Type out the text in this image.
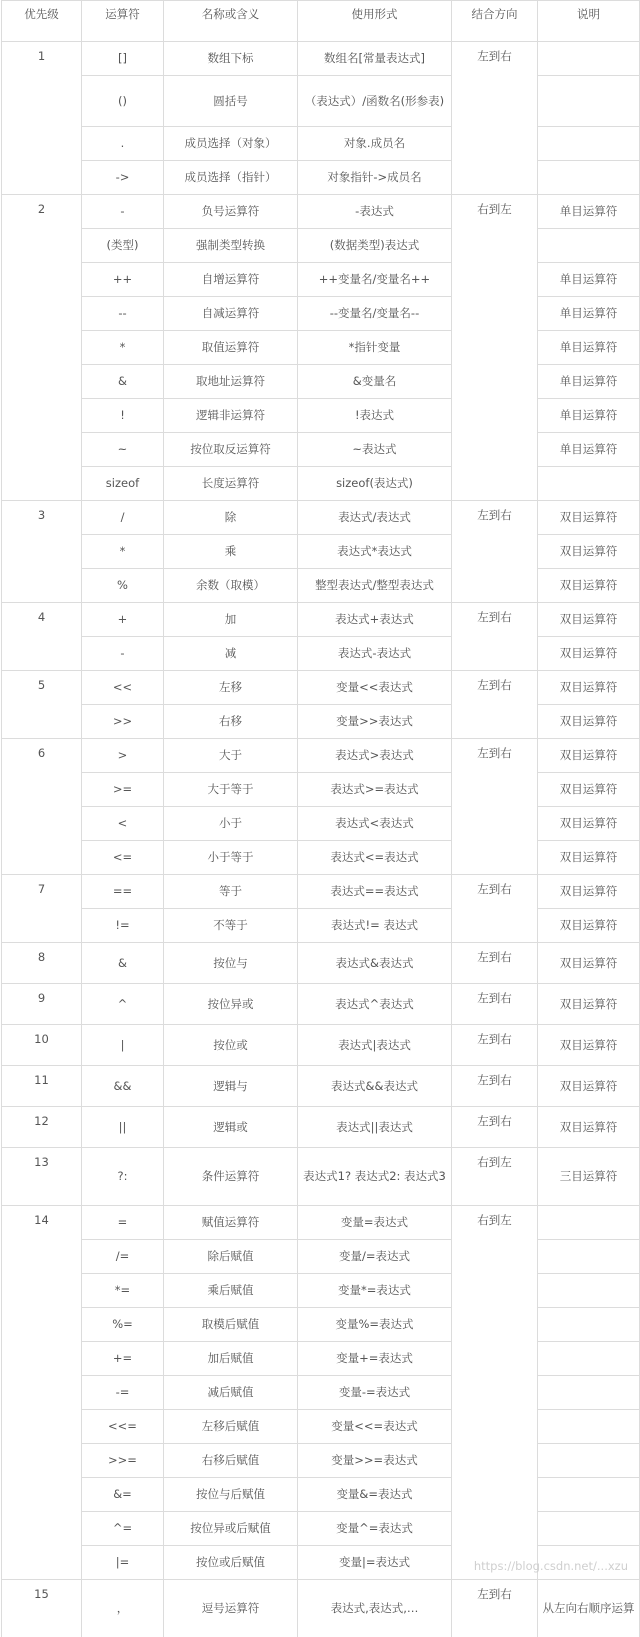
优先级	运算符	名称或含义	使用形式	结合方向	说明
1	[]	数组下标	数组名[常量表达式]	左到右	
	()	圆括号	（表达式）/函数名(形参表)		
	.	成员选择（对象）	对象.成员名		
	->	成员选择（指针）	对象指针->成员名		
2	-	负号运算符	-表达式	右到左	单目运算符
	(类型)	强制类型转换	(数据类型)表达式		
	++	自增运算符	++变量名/变量名++		单目运算符
	--	自减运算符	--变量名/变量名--		单目运算符
	*	取值运算符	*指针变量		单目运算符
	&	取地址运算符	&变量名		单目运算符
	!	逻辑非运算符	!表达式		单目运算符
	~	按位取反运算符	~表达式		单目运算符
	sizeof	长度运算符	sizeof(表达式)		
3	/	除	表达式/表达式	左到右	双目运算符
	*	乘	表达式*表达式		双目运算符
	%	余数（取模）	整型表达式/整型表达式		双目运算符
4	+	加	表达式+表达式	左到右	双目运算符
	-	减	表达式-表达式		双目运算符
5	<<	左移	变量<<表达式	左到右	双目运算符
	>>	右移	变量>>表达式		双目运算符
6	>	大于	表达式>表达式	左到右	双目运算符
	>=	大于等于	表达式>=表达式		双目运算符
	<	小于	表达式<表达式		双目运算符
	<=	小于等于	表达式<=表达式		双目运算符
7	==	等于	表达式==表达式	左到右	双目运算符
	!=	不等于	表达式!= 表达式		双目运算符
8	&	按位与	表达式&表达式	左到右	双目运算符
9	^	按位异或	表达式^表达式	左到右	双目运算符
10	|	按位或	表达式|表达式	左到右	双目运算符
11	&&	逻辑与	表达式&&表达式	左到右	双目运算符
12	||	逻辑或	表达式||表达式	左到右	双目运算符
13	?:	条件运算符	表达式1? 表达式2: 表达式3	右到左	三目运算符
14	=	赋值运算符	变量=表达式	右到左	
	/=	除后赋值	变量/=表达式		
	*=	乘后赋值	变量*=表达式		
	%=	取模后赋值	变量%=表达式		
	+=	加后赋值	变量+=表达式		
	-=	减后赋值	变量-=表达式		
	<<=	左移后赋值	变量<<=表达式		
	>>=	右移后赋值	变量>>=表达式		
	&=	按位与后赋值	变量&=表达式		
	^=	按位异或后赋值	变量^=表达式		
	|=	按位或后赋值	变量|=表达式		
15	，	逗号运算符	表达式,表达式,…	左到右	从左向右顺序运算
https://blog.csdn.net/...xzu
